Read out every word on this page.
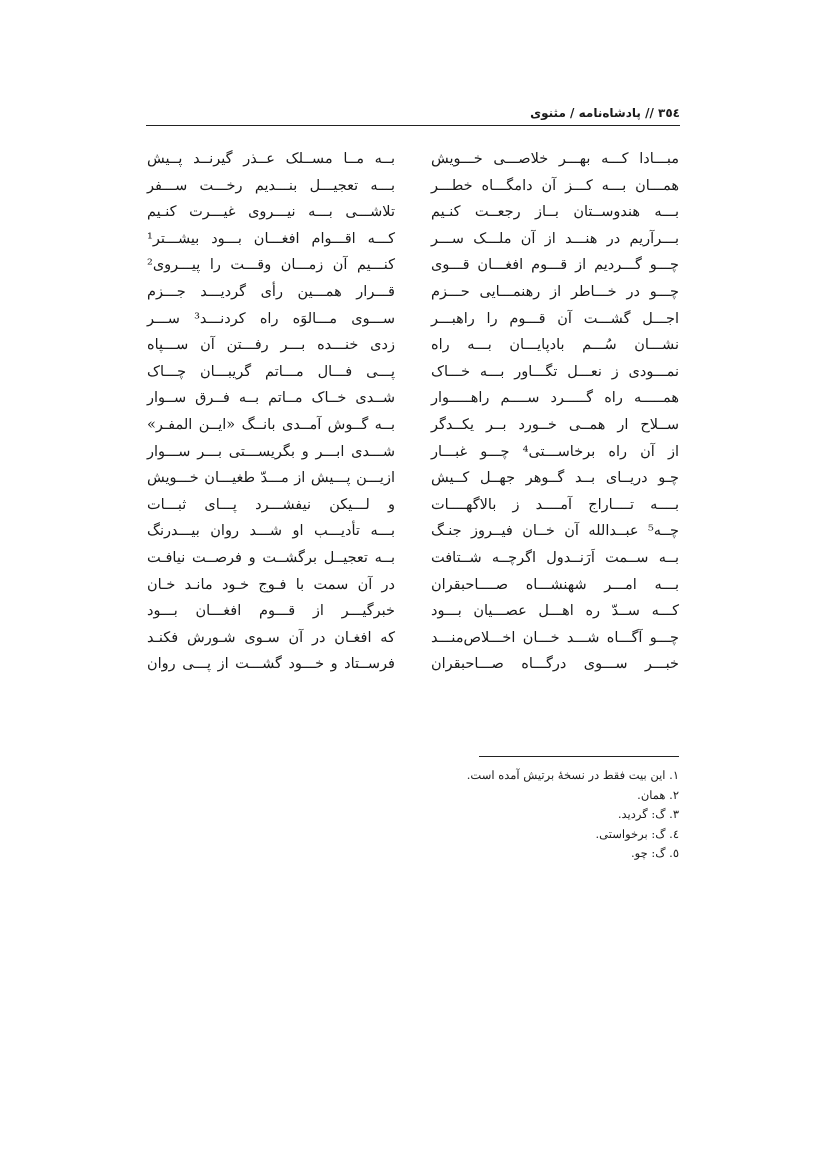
٣٥٤ // پادشاه‌نامه / مثنوی
مبـــادا کـــه بهـــر خلاصـــی خـــویش
همـــان بـــه کـــز آن دامگـــاه خطـــر
بـــه هندوســتان بــاز رجعــت کنـیم
بـــرآریم در هنـــد از آن ملـــک ســـر
چـــو گـــردیم از قـــوم افغـــان قـــوی
چـــو در خـــاطر از رهنمـــایی حـــزم
اجـــل گشـــت آن قـــوم را راهبـــر
نشـــان سُـــم بادپایـــان بـــه راه
نمـــودی ز نعـــل تگـــاور بـــه خـــاک
همـــــه راه گـــــرد ســــم راهـــــوار
ســلاح ار همــی خــورد بــر یکــدگر
از آن راه برخاســـتی⁴ چـــو غبـــار
چـو دریــای بــد گــوهر جهــل کــیش
بــــه تــــاراج آمــــد ز بالاگهــــات
چــه⁵ عبــدالله آن خــان فیــروز جنـگ
بــه ســمت اَرَنــدول اگرچــه شــتافت
بـــه امـــر شهنشـــاه صــــاحبقران
کـــه ســدّ ره اهـــل عصـــیان بـــود
چـــو آگـــاه شـــد خـــان اخـــلاص‌منـــد
خبـــر ســـوی درگـــاه صـــاحبقران
بــه مــا مســلک عــذر گیرنــد پــیش
بـــه تعجیـــل بنـــدیم رخـــت ســـفر
تلاشـــی بـــه نیـــروی غیـــرت کنـیم
کـــه اقـــوام افغـــان بـــود بیشـــتر¹
کنـــیم آن زمـــان وقـــت را پیـــروی²
قـــرار همـــین رأی گردیـــد جـــزم
ســـوی مـــالوَه راه کردنـــد³ ســـر
زدی خنـــده بـــر رفـــتن آن ســـپاه
پـــی فـــال مـــاتم گریبـــان چـــاک
شــدی خــاک مــاتم بــه فــرق ســوار
بــه گــوش آمــدی بانــگ «ایــن المفـر»
شـــدی ابـــر و بگریســـتی بـــر ســـوار
ازیـــن پـــیش از مـــدّ طغیـــان خـــویش
و لـــیکن نیفشـــرد پـــای ثبـــات
بـــه تأدیـــب او شـــد روان بیـــدرنگ
بــه تعجیــل برگشــت و فرصــت نیافـت
در آن سمت با فـوج خـود مانـد خـان
خبرگیـــر از قـــوم افغـــان بـــود
که افغـان در آن سـوی شـورش فکنـد
فرســتاد و خـــود گشـــت از پـــی روان
١. این بیت فقط در نسخهٔ برتیش آمده است.
٢. همان.
٣. گ: گردید.
٤. گ: برخواستی.
٥. گ: چو.
